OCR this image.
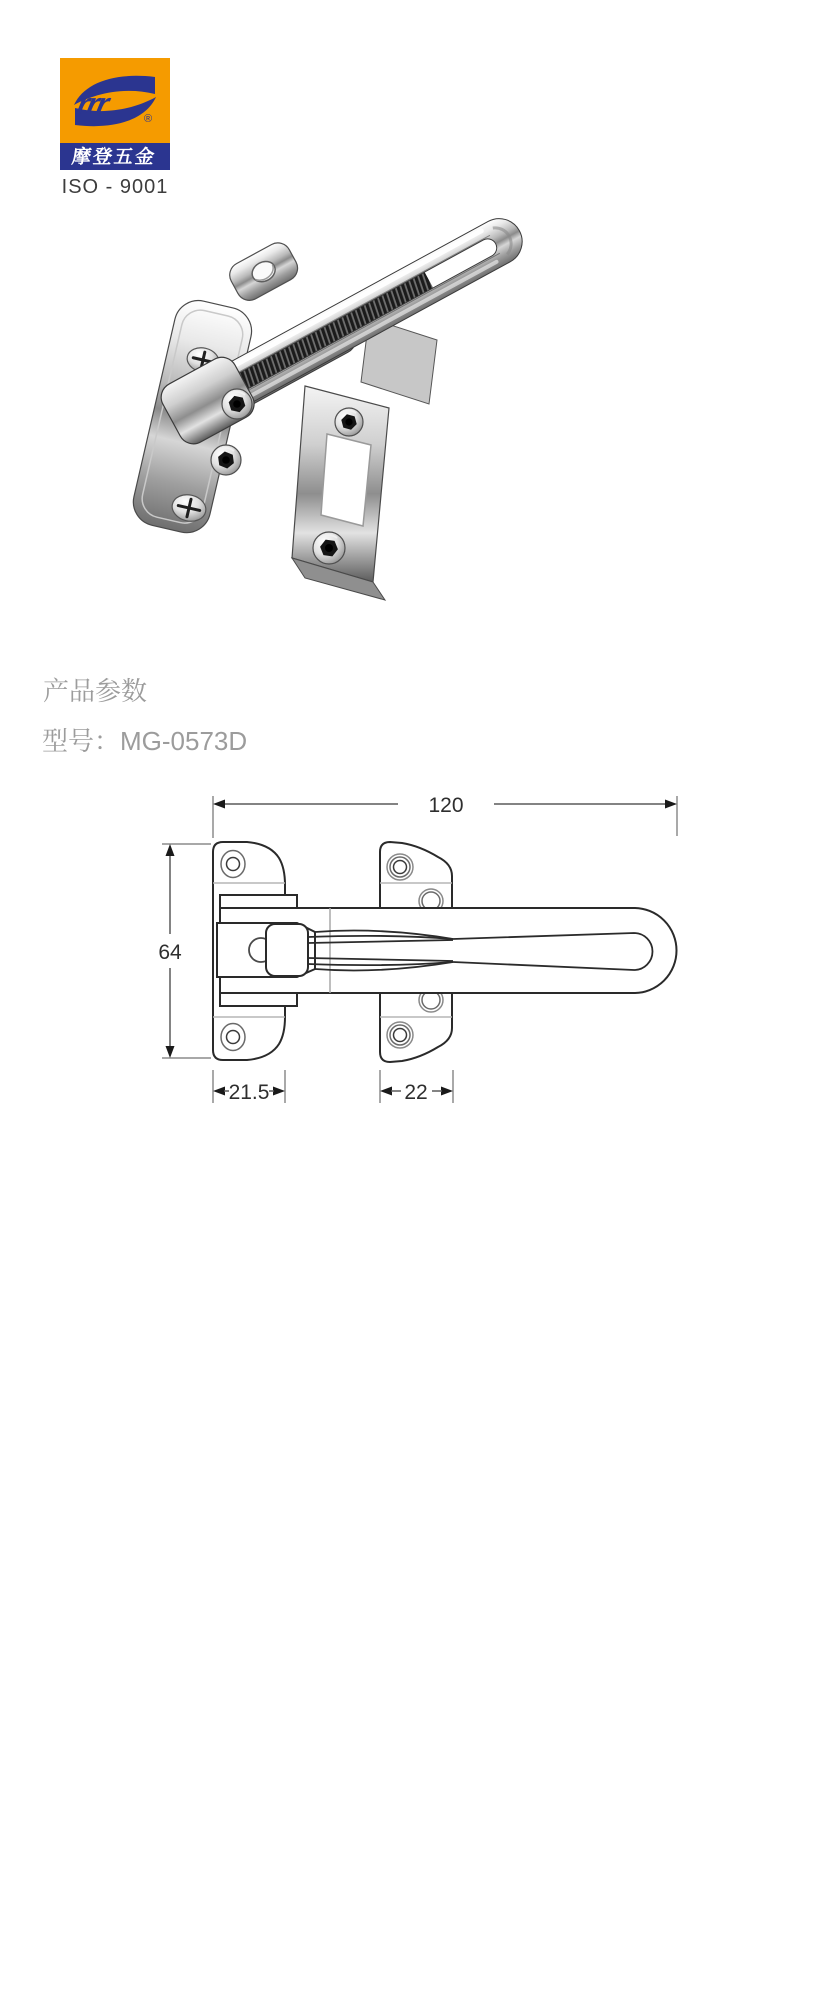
rrr	®
摩登五金
ISO - 9001
产品参数
型号：MG-0573D
120
64
21.5	22
